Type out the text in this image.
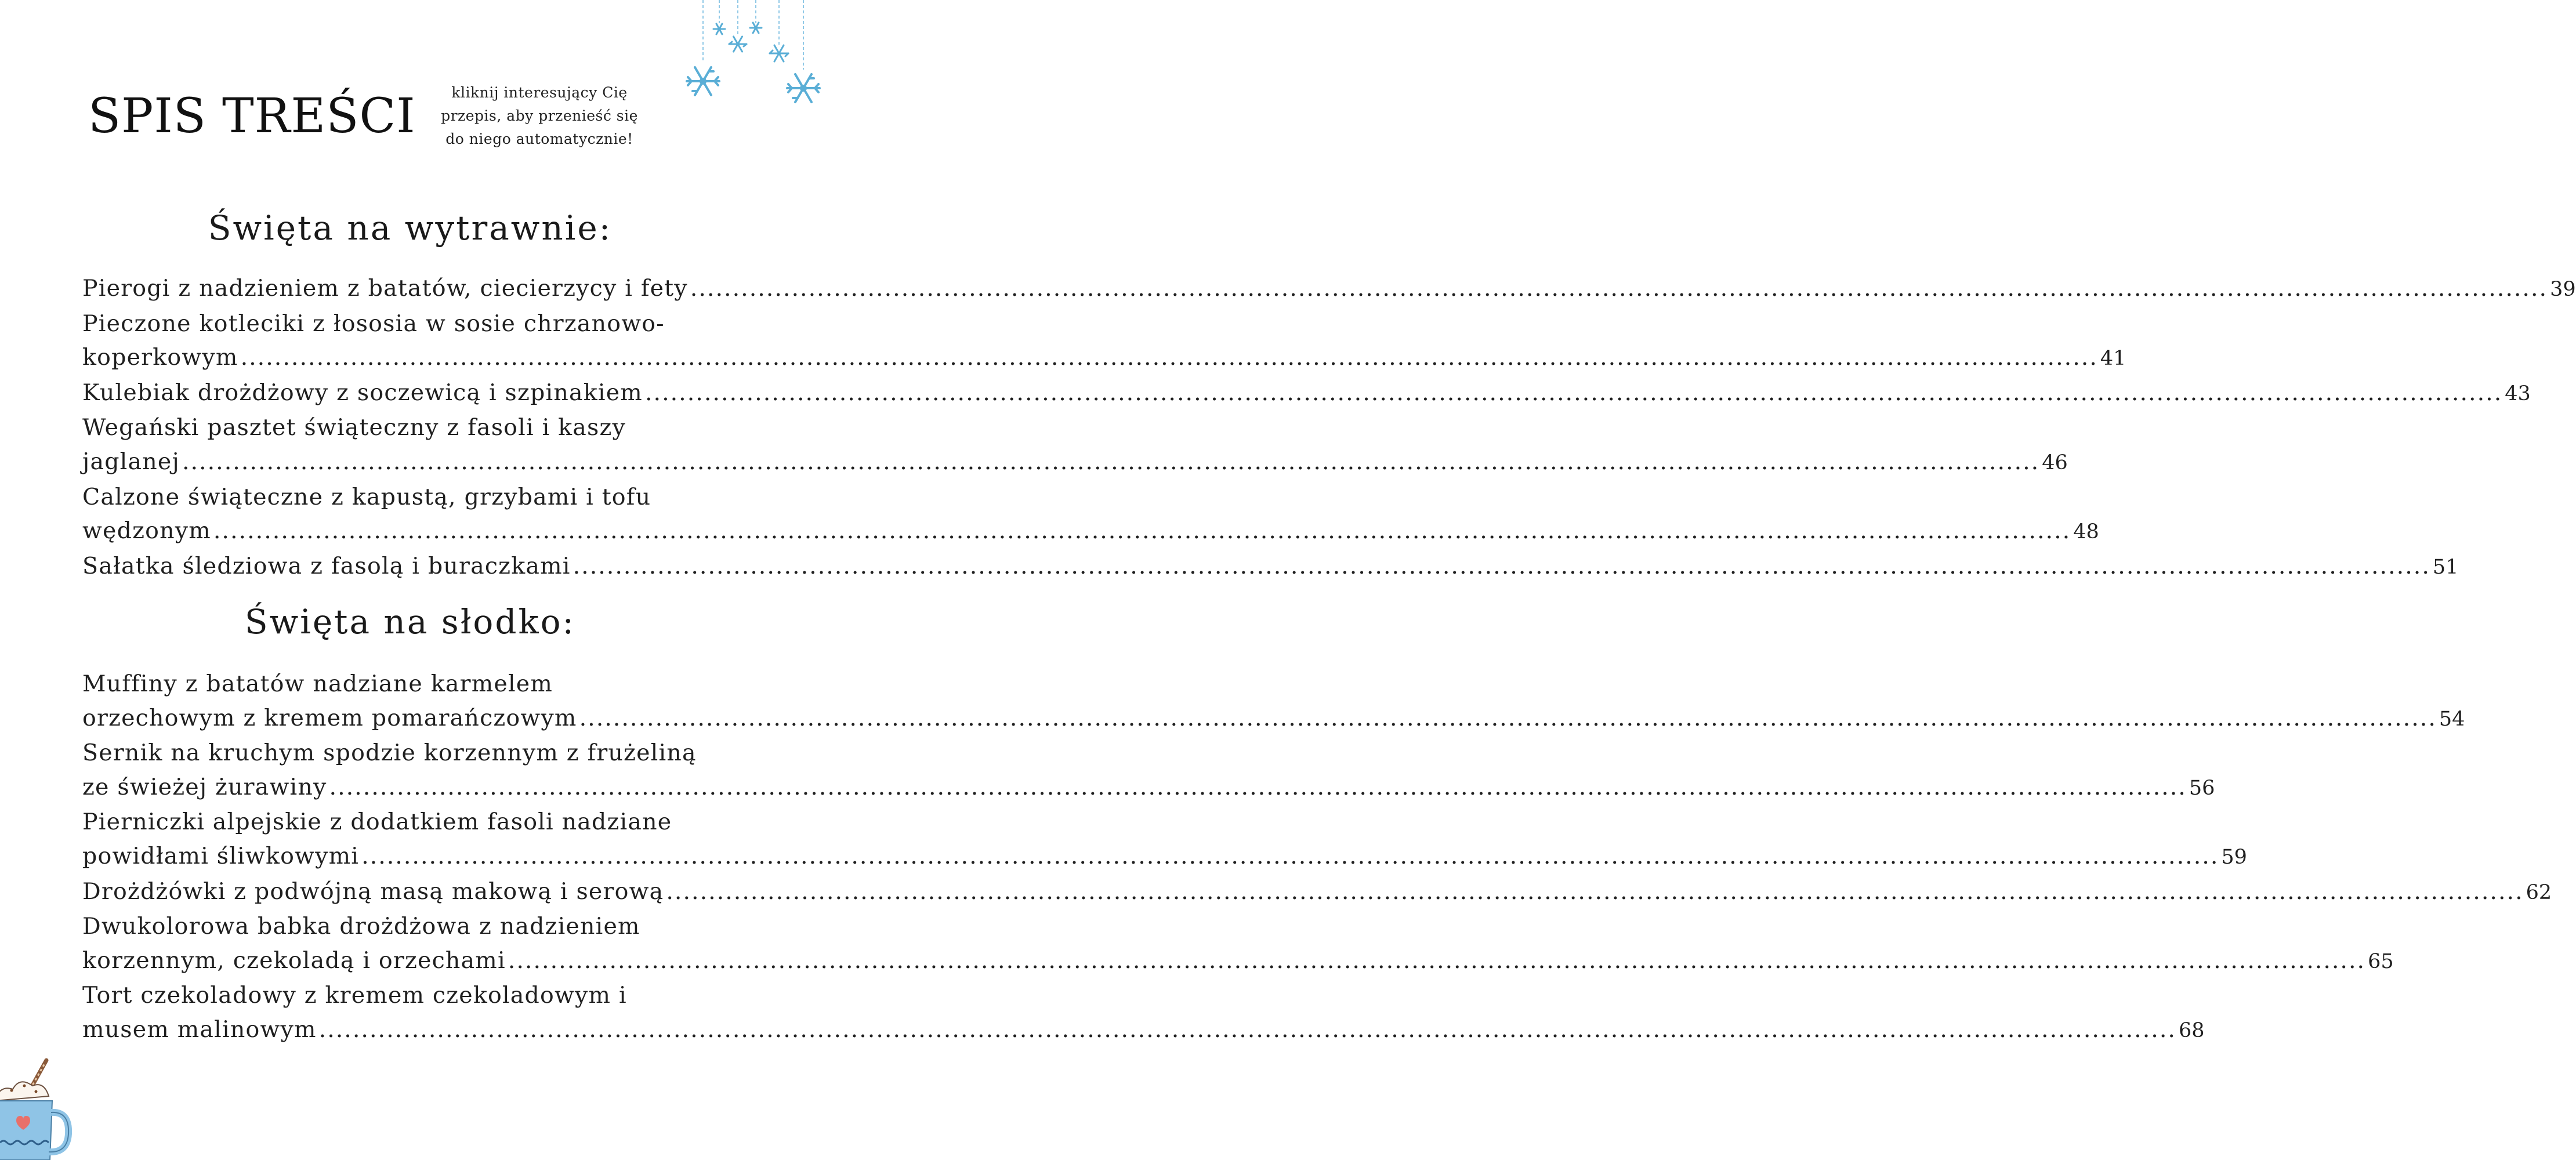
SPIS TREŚCI	kliknij interesujący Cię
przepis, aby przenieść się
do niego automatycznie!
Święta na wytrawnie:
Pierogi z nadzieniem z batatów, ciecierzycy i fety ............................................................................................................................................................................................................................ 39
Pieczone kotleciki z łososia w sosie chrzanowo-
koperkowym ............................................................................................................................................................................................................................ 41
Kulebiak drożdżowy z soczewicą i szpinakiem ............................................................................................................................................................................................................................ 43
Wegański pasztet świąteczny z fasoli i kaszy
jaglanej ............................................................................................................................................................................................................................ 46
Calzone świąteczne z kapustą, grzybami i tofu
wędzonym ............................................................................................................................................................................................................................ 48
Sałatka śledziowa z fasolą i buraczkami ............................................................................................................................................................................................................................ 51
Święta na słodko:
Muffiny z batatów nadziane karmelem
orzechowym z kremem pomarańczowym ............................................................................................................................................................................................................................ 54
Sernik na kruchym spodzie korzennym z frużeliną
ze świeżej żurawiny ............................................................................................................................................................................................................................ 56
Pierniczki alpejskie z dodatkiem fasoli nadziane
powidłami śliwkowymi ............................................................................................................................................................................................................................ 59
Drożdżówki z podwójną masą makową i serową ............................................................................................................................................................................................................................ 62
Dwukolorowa babka drożdżowa z nadzieniem
korzennym, czekoladą i orzechami ............................................................................................................................................................................................................................ 65
Tort czekoladowy z kremem czekoladowym i
musem malinowym ............................................................................................................................................................................................................................ 68
